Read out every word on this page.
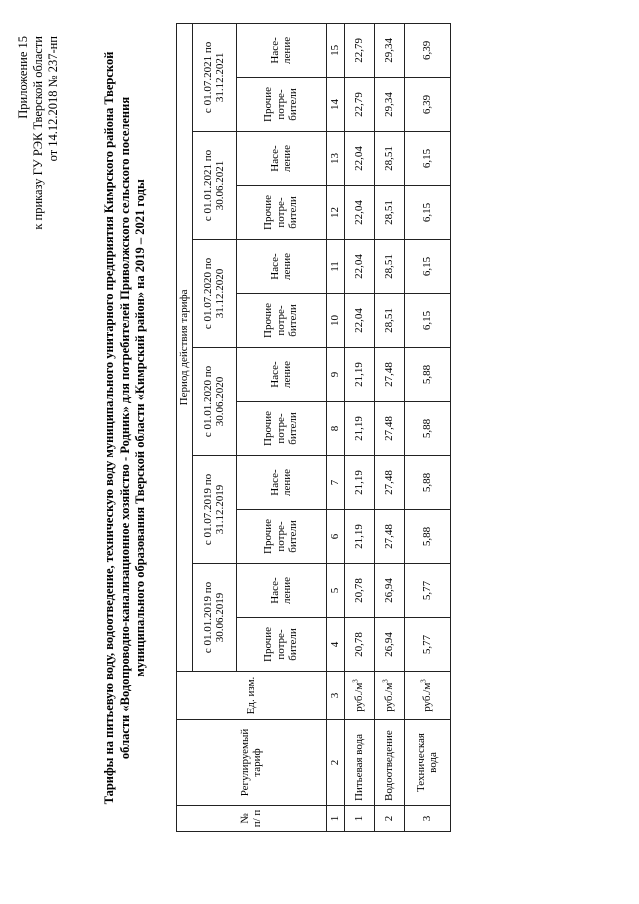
Приложение 15 к приказу ГУ РЭК Тверской области от 14.12.2018 № 237-нп	Тарифы на питьевую воду, водоотведение, техническую воду муниципального унитарного предприятия Кимрского района Тверской области «Водопроводно-канализационное хозяйство - Родник» для потребителей Приволжского сельского поселения муниципального образования Тверской области «Кимрский район» на 2019 – 2021 годы
№ п/ п	Регулируемый тариф	Ед. изм.	Период действия тарифа											
			с 01.01.2019 по 30.06.2019		с 01.07.2019 по 31.12.2019		с 01.01.2020 по 30.06.2020		с 01.07.2020 по 31.12.2020		с 01.01.2021 по 30.06.2021		с 01.07.2021 по 31.12.2021	
			Прочие потре- бители	Насе- ление	Прочие потре- бители	Насе- ление	Прочие потре- бители	Насе- ление	Прочие потре- бители	Насе- ление	Прочие потре- бители	Насе- ление	Прочие потре- бители	Насе- ление
1	2	3	4	5	6	7	8	9	10	11	12	13	14	15
1	Питьевая вода	$руб./м^3$	20,78	20,78	21,19	21,19	21,19	21,19	22,04	22,04	22,04	22,04	22,79	22,79
2	Водоотведение	$руб./м^3$	26,94	26,94	27,48	27,48	27,48	27,48	28,51	28,51	28,51	28,51	29,34	29,34
3	Техническая вода	$руб./м^3$	5,77	5,77	5,88	5,88	5,88	5,88	6,15	6,15	6,15	6,15	6,39	6,39
